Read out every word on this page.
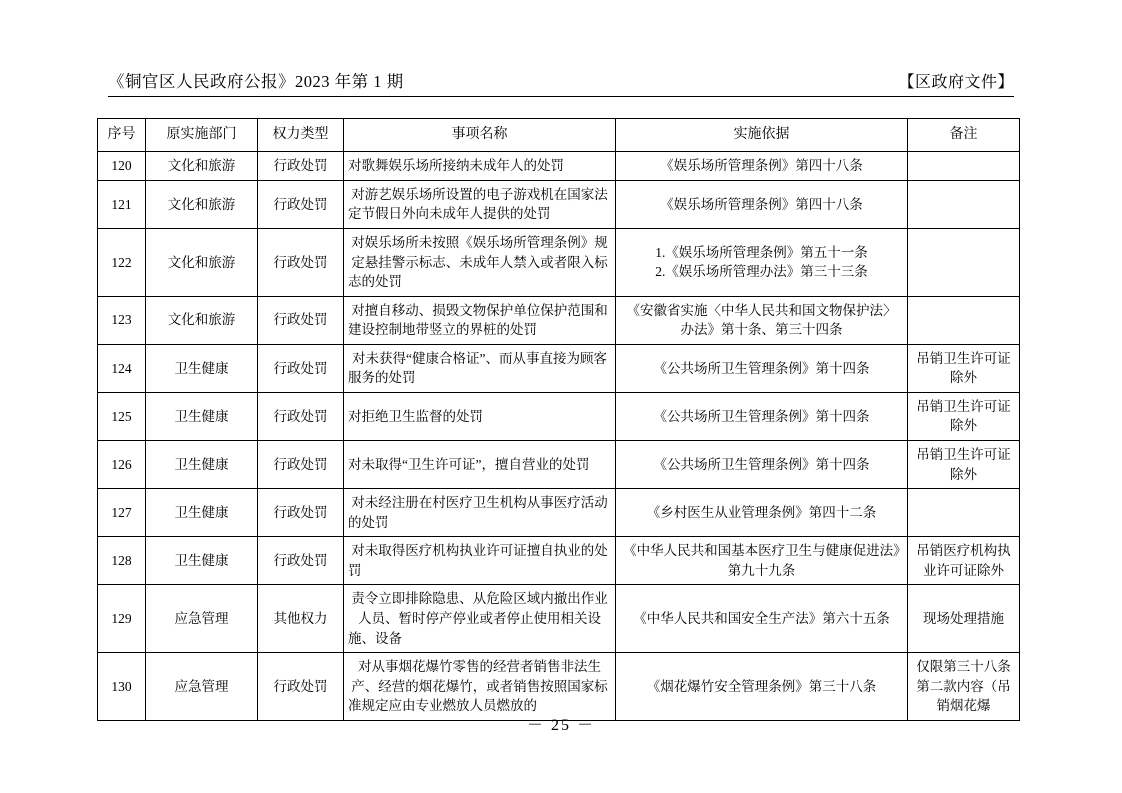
《铜官区人民政府公报》2023 年第 1 期	【区政府文件】
序号	原实施部门	权力类型	事项名称	实施依据	备注
120	文化和旅游	行政处罚	对歌舞娱乐场所接纳未成年人的处罚	《娱乐场所管理条例》第四十八条	
121	文化和旅游	行政处罚	对游艺娱乐场所设置的电子游戏机在国家法定节假日外向未成年人提供的处罚	《娱乐场所管理条例》第四十八条	
122	文化和旅游	行政处罚	对娱乐场所未按照《娱乐场所管理条例》规定悬挂警示标志、未成年人禁入或者限入标志的处罚	1.《娱乐场所管理条例》第五十一条
2.《娱乐场所管理办法》第三十三条	
123	文化和旅游	行政处罚	对擅自移动、损毁文物保护单位保护范围和建设控制地带竖立的界桩的处罚	《安徽省实施〈中华人民共和国文物保护法〉办法》第十条、第三十四条	
124	卫生健康	行政处罚	对未获得“健康合格证”、而从事直接为顾客服务的处罚	《公共场所卫生管理条例》第十四条	吊销卫生许可证除外
125	卫生健康	行政处罚	对拒绝卫生监督的处罚	《公共场所卫生管理条例》第十四条	吊销卫生许可证除外
126	卫生健康	行政处罚	对未取得“卫生许可证”，擅自营业的处罚	《公共场所卫生管理条例》第十四条	吊销卫生许可证除外
127	卫生健康	行政处罚	对未经注册在村医疗卫生机构从事医疗活动的处罚	《乡村医生从业管理条例》第四十二条	
128	卫生健康	行政处罚	对未取得医疗机构执业许可证擅自执业的处罚	《中华人民共和国基本医疗卫生与健康促进法》第九十九条	吊销医疗机构执业许可证除外
129	应急管理	其他权力	责令立即排除隐患、从危险区域内撤出作业人员、暂时停产停业或者停止使用相关设施、设备	《中华人民共和国安全生产法》第六十五条	现场处理措施
130	应急管理	行政处罚	对从事烟花爆竹零售的经营者销售非法生产、经营的烟花爆竹，或者销售按照国家标准规定应由专业燃放人员燃放的	《烟花爆竹安全管理条例》第三十八条	仅限第三十八条第二款内容（吊销烟花爆
－ 25 －
